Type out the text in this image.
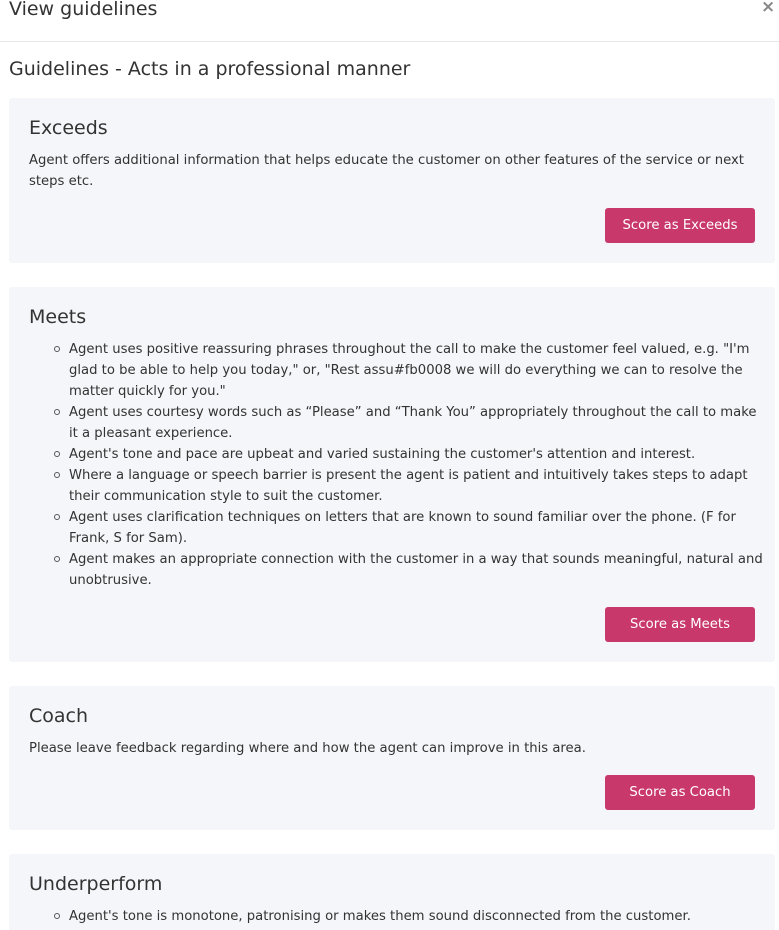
View guidelines	×
Guidelines - Acts in a professional manner
Exceeds
Agent offers additional information that helps educate the customer on other features of the service or next steps etc.
Score as Exceeds
Meets
Agent uses positive reassuring phrases throughout the call to make the customer feel valued, e.g. "I'm glad to be able to help you today," or, "Rest assu#fb0008 we will do everything we can to resolve the matter quickly for you."
Agent uses courtesy words such as “Please” and “Thank You” appropriately throughout the call to make it a pleasant experience.
Agent's tone and pace are upbeat and varied sustaining the customer's attention and interest.
Where a language or speech barrier is present the agent is patient and intuitively takes steps to adapt their communication style to suit the customer.
Agent uses clarification techniques on letters that are known to sound familiar over the phone. (F for Frank, S for Sam).
Agent makes an appropriate connection with the customer in a way that sounds meaningful, natural and unobtrusive.
Score as Meets
Coach
Please leave feedback regarding where and how the agent can improve in this area.
Score as Coach
Underperform
Agent's tone is monotone, patronising or makes them sound disconnected from the customer.
